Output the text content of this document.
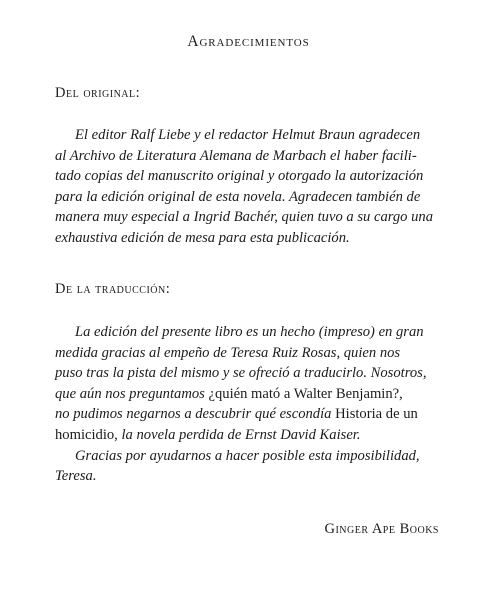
Agradecimientos
Del original:
El editor Ralf Liebe y el redactor Helmut Braun agradecen
al Archivo de Literatura Alemana de Marbach el haber facili-
tado copias del manuscrito original y otorgado la autorización
para la edición original de esta novela. Agradecen también de
manera muy especial a Ingrid Bachér, quien tuvo a su cargo una
exhaustiva edición de mesa para esta publicación.
De la traducción:
La edición del presente libro es un hecho (impreso) en gran
medida gracias al empeño de Teresa Ruiz Rosas, quien nos
puso tras la pista del mismo y se ofreció a traducirlo. Nosotros,
que aún nos preguntamos ¿quién mató a Walter Benjamin?,
no pudimos negarnos a descubrir qué escondía Historia de un
homicidio, la novela perdida de Ernst David Kaiser.
Gracias por ayudarnos a hacer posible esta imposibilidad,
Teresa.
Ginger Ape Books
